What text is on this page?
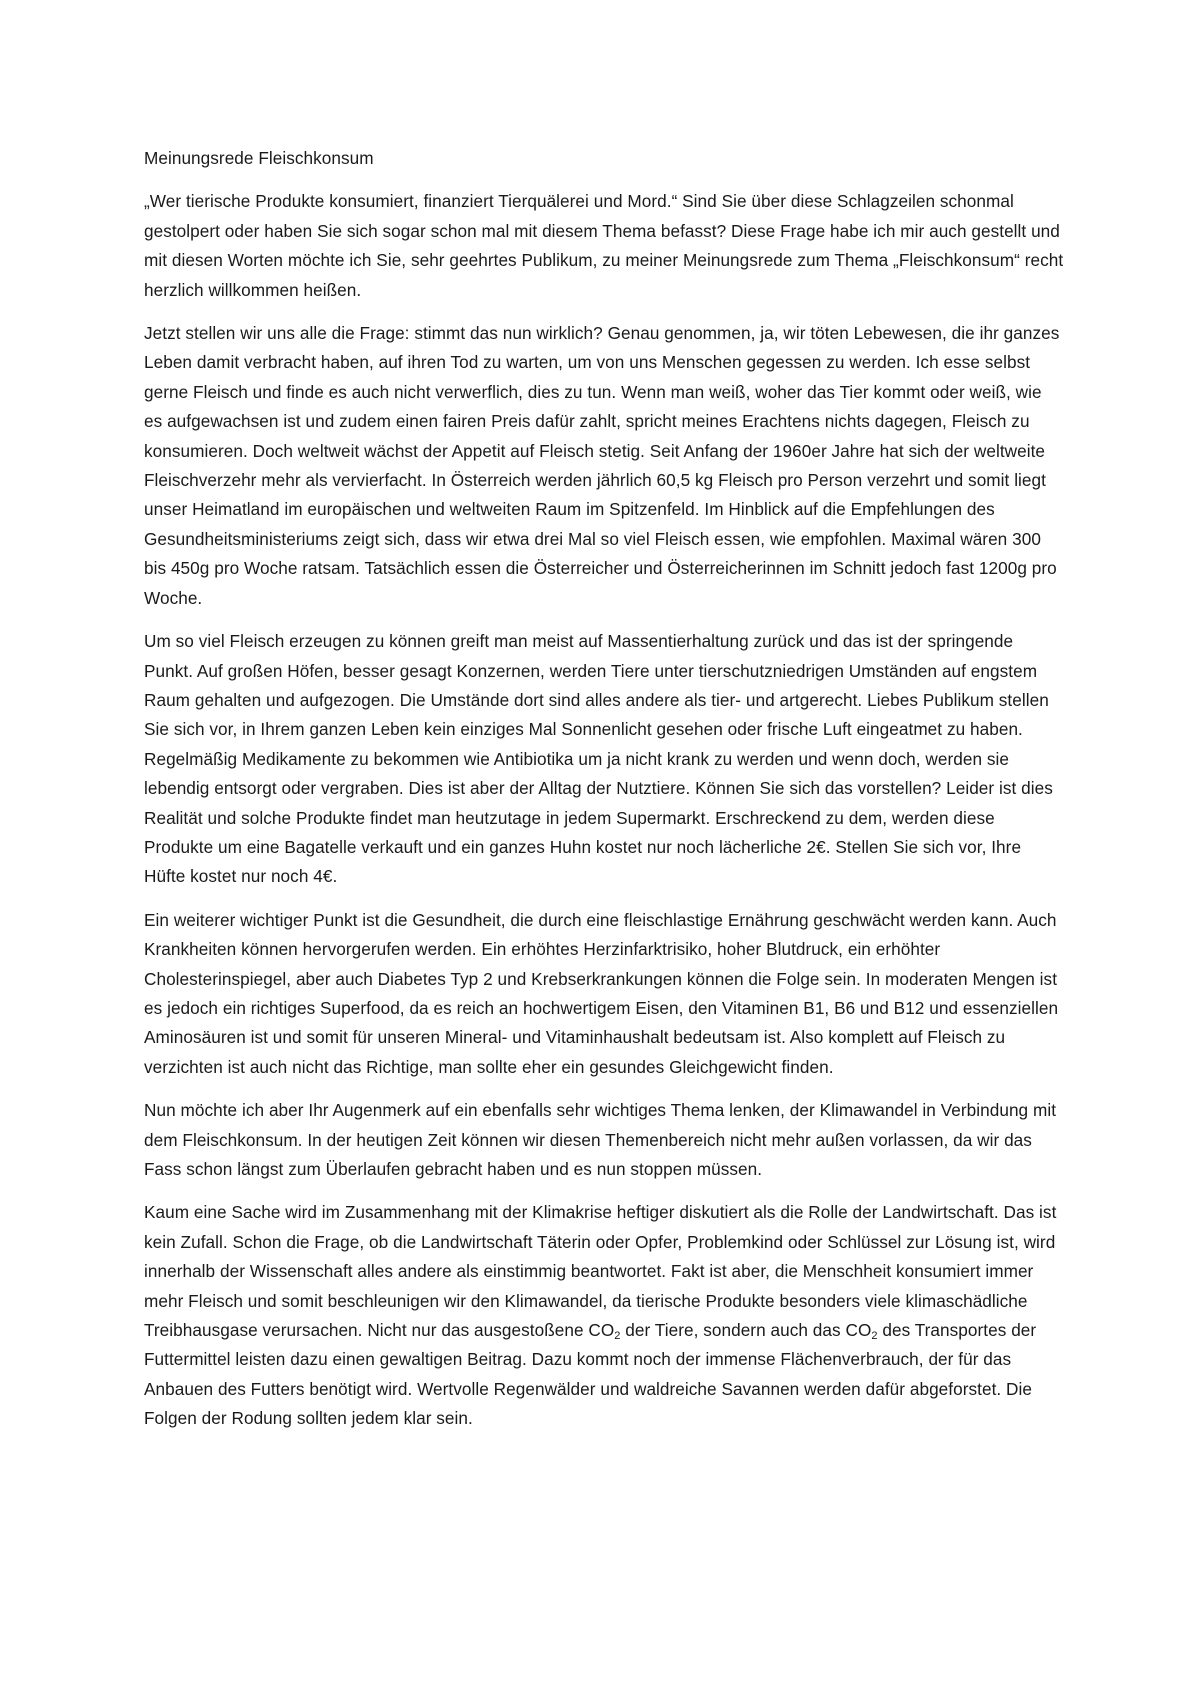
Meinungsrede Fleischkonsum

„Wer tierische Produkte konsumiert, finanziert Tierquälerei und Mord.“ Sind Sie über diese Schlagzeilen schonmal gestolpert oder haben Sie sich sogar schon mal mit diesem Thema befasst? Diese Frage habe ich mir auch gestellt und mit diesen Worten möchte ich Sie, sehr geehrtes Publikum, zu meiner Meinungsrede zum Thema „Fleischkonsum“ recht herzlich willkommen heißen.

Jetzt stellen wir uns alle die Frage: stimmt das nun wirklich? Genau genommen, ja, wir töten Lebewesen, die ihr ganzes Leben damit verbracht haben, auf ihren Tod zu warten, um von uns Menschen gegessen zu werden. Ich esse selbst gerne Fleisch und finde es auch nicht verwerflich, dies zu tun. Wenn man weiß, woher das Tier kommt oder weiß, wie es aufgewachsen ist und zudem einen fairen Preis dafür zahlt, spricht meines Erachtens nichts dagegen, Fleisch zu konsumieren. Doch weltweit wächst der Appetit auf Fleisch stetig. Seit Anfang der 1960er Jahre hat sich der weltweite Fleischverzehr mehr als vervierfacht. In Österreich werden jährlich 60,5 kg Fleisch pro Person verzehrt und somit liegt unser Heimatland im europäischen und weltweiten Raum im Spitzenfeld. Im Hinblick auf die Empfehlungen des Gesundheitsministeriums zeigt sich, dass wir etwa drei Mal so viel Fleisch essen, wie empfohlen. Maximal wären 300 bis 450g pro Woche ratsam. Tatsächlich essen die Österreicher und Österreicherinnen im Schnitt jedoch fast 1200g pro Woche.

Um so viel Fleisch erzeugen zu können greift man meist auf Massentierhaltung zurück und das ist der springende Punkt. Auf großen Höfen, besser gesagt Konzernen, werden Tiere unter tierschutzniedrigen Umständen auf engstem Raum gehalten und aufgezogen. Die Umstände dort sind alles andere als tier- und artgerecht. Liebes Publikum stellen Sie sich vor, in Ihrem ganzen Leben kein einziges Mal Sonnenlicht gesehen oder frische Luft eingeatmet zu haben. Regelmäßig Medikamente zu bekommen wie Antibiotika um ja nicht krank zu werden und wenn doch, werden sie lebendig entsorgt oder vergraben. Dies ist aber der Alltag der Nutztiere. Können Sie sich das vorstellen? Leider ist dies Realität und solche Produkte findet man heutzutage in jedem Supermarkt. Erschreckend zu dem, werden diese Produkte um eine Bagatelle verkauft und ein ganzes Huhn kostet nur noch lächerliche 2€. Stellen Sie sich vor, Ihre Hüfte kostet nur noch 4€.

Ein weiterer wichtiger Punkt ist die Gesundheit, die durch eine fleischlastige Ernährung geschwächt werden kann. Auch Krankheiten können hervorgerufen werden. Ein erhöhtes Herzinfarktrisiko, hoher Blutdruck, ein erhöhter Cholesterinspiegel, aber auch Diabetes Typ 2 und Krebserkrankungen können die Folge sein. In moderaten Mengen ist es jedoch ein richtiges Superfood, da es reich an hochwertigem Eisen, den Vitaminen B1, B6 und B12 und essenziellen Aminosäuren ist und somit für unseren Mineral- und Vitaminhaushalt bedeutsam ist. Also komplett auf Fleisch zu verzichten ist auch nicht das Richtige, man sollte eher ein gesundes Gleichgewicht finden.

Nun möchte ich aber Ihr Augenmerk auf ein ebenfalls sehr wichtiges Thema lenken, der Klimawandel in Verbindung mit dem Fleischkonsum. In der heutigen Zeit können wir diesen Themenbereich nicht mehr außen vorlassen, da wir das Fass schon längst zum Überlaufen gebracht haben und es nun stoppen müssen.

Kaum eine Sache wird im Zusammenhang mit der Klimakrise heftiger diskutiert als die Rolle der Landwirtschaft. Das ist kein Zufall. Schon die Frage, ob die Landwirtschaft Täterin oder Opfer, Problemkind oder Schlüssel zur Lösung ist, wird innerhalb der Wissenschaft alles andere als einstimmig beantwortet. Fakt ist aber, die Menschheit konsumiert immer mehr Fleisch und somit beschleunigen wir den Klimawandel, da tierische Produkte besonders viele klimaschädliche Treibhausgase verursachen. Nicht nur das ausgestoßene $CO_2$ der Tiere, sondern auch das $CO_2$ des Transportes der Futtermittel leisten dazu einen gewaltigen Beitrag. Dazu kommt noch der immense Flächenverbrauch, der für das Anbauen des Futters benötigt wird. Wertvolle Regenwälder und waldreiche Savannen werden dafür abgeforstet. Die Folgen der Rodung sollten jedem klar sein.
